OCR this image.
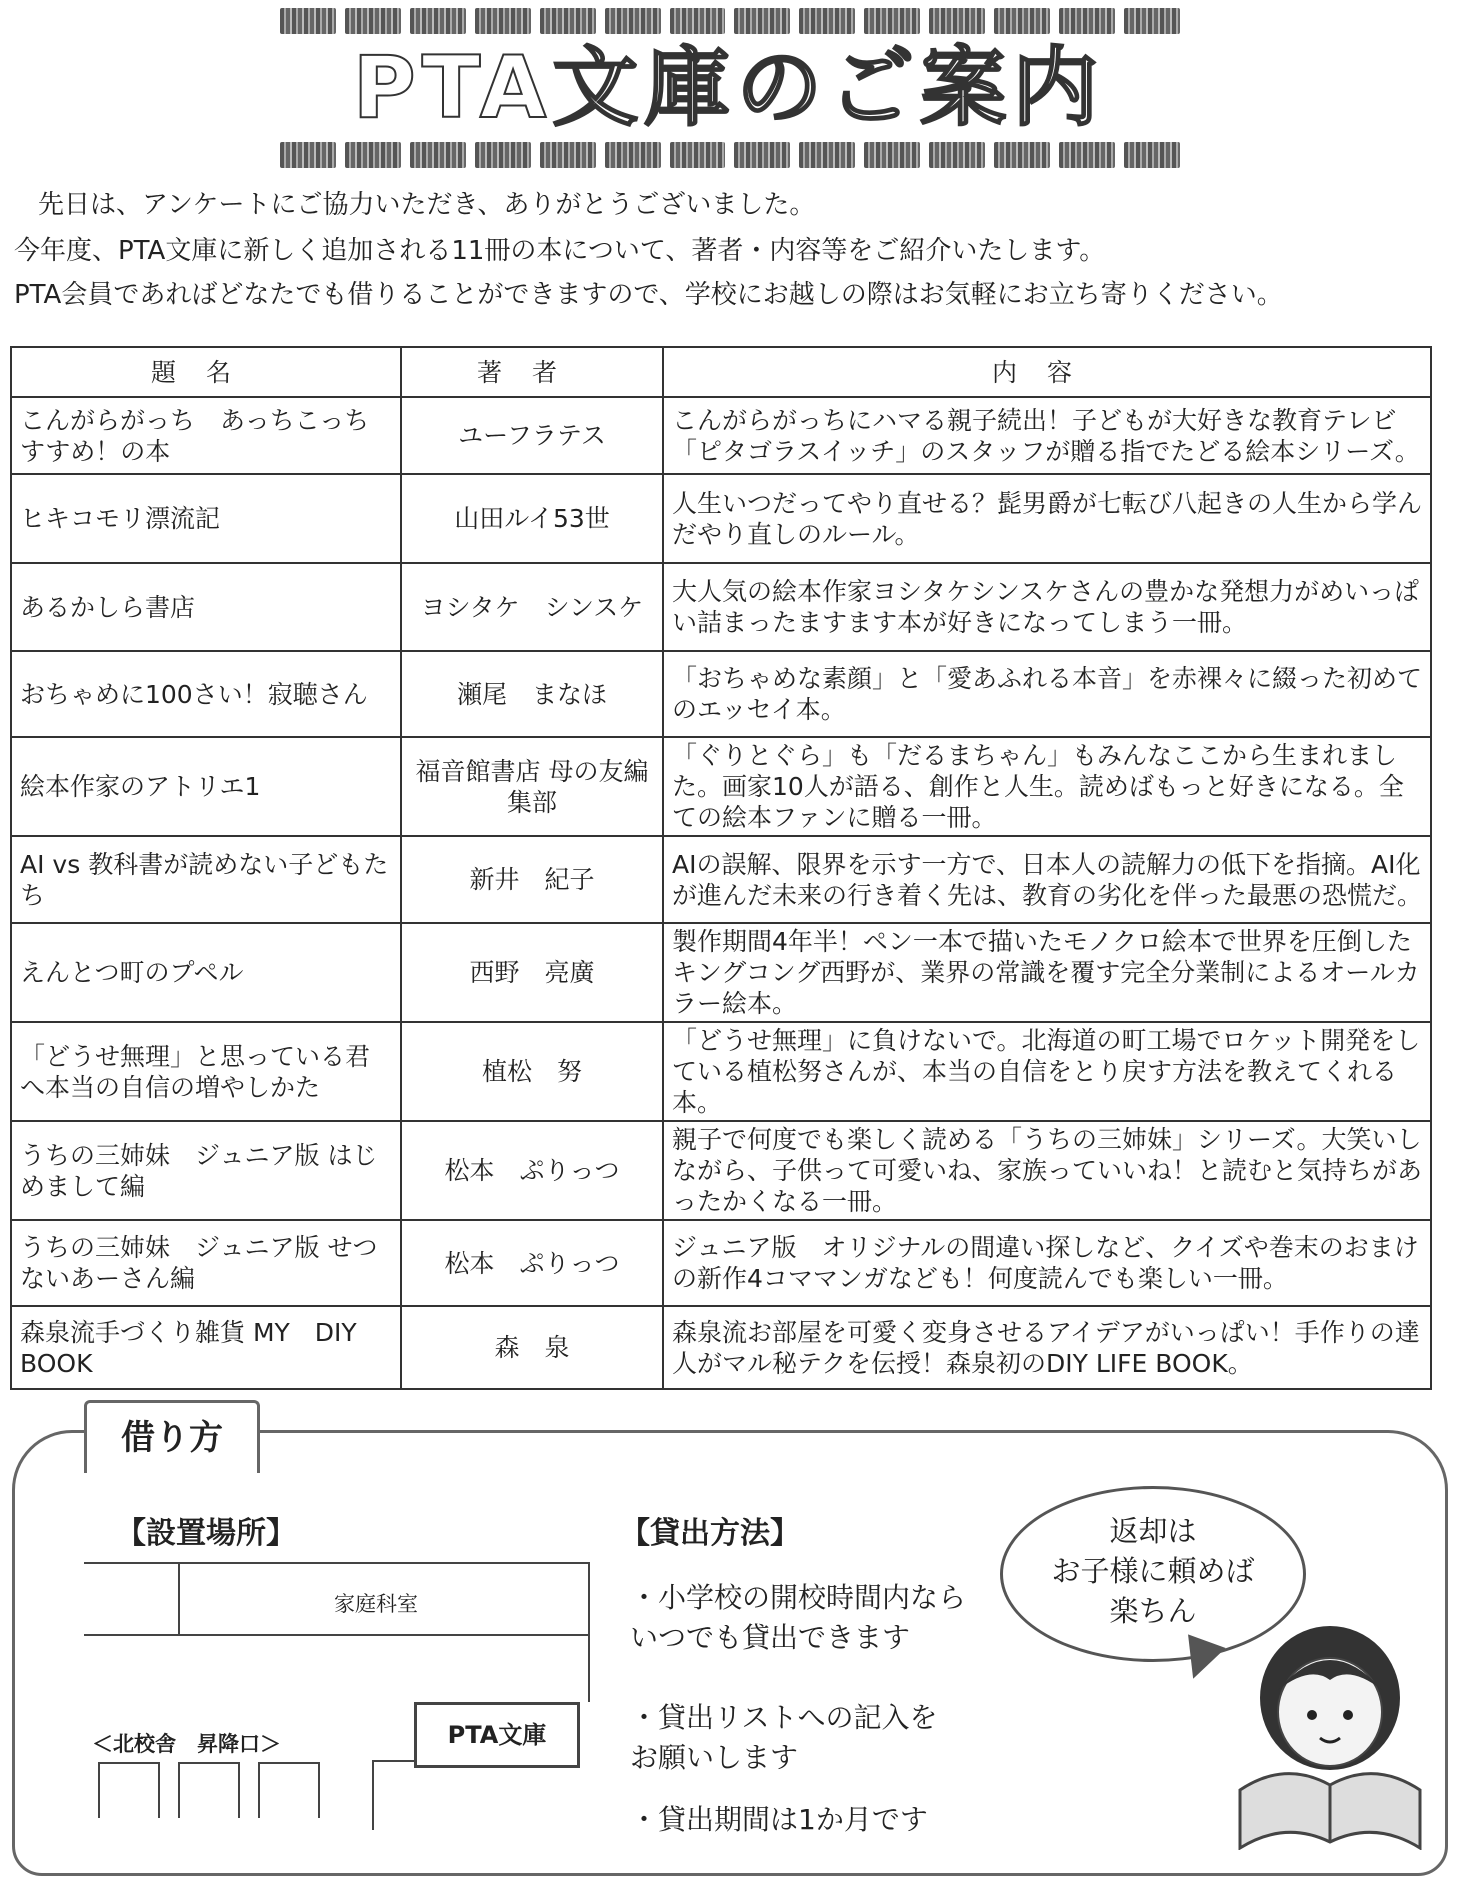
PTA文庫のご案内
先日は、アンケートにご協力いただき、ありがとうございました。
今年度、PTA文庫に新しく追加される11冊の本について、著者・内容等をご紹介いたします。
PTA会員であればどなたでも借りることができますので、学校にお越しの際はお気軽にお立ち寄りください。
題名	著者	内容
こんがらがっち　あっちこっちすすめ！の本	ユーフラテス	こんがらがっちにハマる親子続出！子どもが大好きな教育テレビ「ピタゴラスイッチ」のスタッフが贈る指でたどる絵本シリーズ。
ヒキコモリ漂流記	山田ルイ53世	人生いつだってやり直せる？髭男爵が七転び八起きの人生から学んだやり直しのルール。
あるかしら書店	ヨシタケ　シンスケ	大人気の絵本作家ヨシタケシンスケさんの豊かな発想力がめいっぱい詰まったますます本が好きになってしまう一冊。
おちゃめに100さい！寂聴さん	瀬尾　まなほ	「おちゃめな素顔」と「愛あふれる本音」を赤裸々に綴った初めてのエッセイ本。
絵本作家のアトリエ1	福音館書店 母の友編集部	「ぐりとぐら」も「だるまちゃん」もみんなここから生まれました。画家10人が語る、創作と人生。読めばもっと好きになる。全ての絵本ファンに贈る一冊。
AI vs 教科書が読めない子どもたち	新井　紀子	AIの誤解、限界を示す一方で、日本人の読解力の低下を指摘。AI化が進んだ未来の行き着く先は、教育の劣化を伴った最悪の恐慌だ。
えんとつ町のプペル	西野　亮廣	製作期間4年半！ペン一本で描いたモノクロ絵本で世界を圧倒したキングコング西野が、業界の常識を覆す完全分業制によるオールカラー絵本。
「どうせ無理」と思っている君へ本当の自信の増やしかた	植松　努	「どうせ無理」に負けないで。北海道の町工場でロケット開発をしている植松努さんが、本当の自信をとり戻す方法を教えてくれる本。
うちの三姉妹　ジュニア版 はじめまして編	松本　ぷりっつ	親子で何度でも楽しく読める「うちの三姉妹」シリーズ。大笑いしながら、子供って可愛いね、家族っていいね！と読むと気持ちがあったかくなる一冊。
うちの三姉妹　ジュニア版 せつないあーさん編	松本　ぷりっつ	ジュニア版　オリジナルの間違い探しなど、クイズや巻末のおまけの新作4コママンガなども！何度読んでも楽しい一冊。
森泉流手づくり雑貨 MY　DIY　BOOK	森　泉	森泉流お部屋を可愛く変身させるアイデアがいっぱい！手作りの達人がマル秘テクを伝授！森泉初のDIY LIFE BOOK。
借り方
【設置場所】
家庭科室
＜北校舎　昇降口＞	PTA文庫
【貸出方法】
・小学校の開校時間内なら いつでも貸出できます
・貸出リストへの記入を お願いします
・貸出期間は1か月です
返却は
お子様に頼めば
楽ちん
